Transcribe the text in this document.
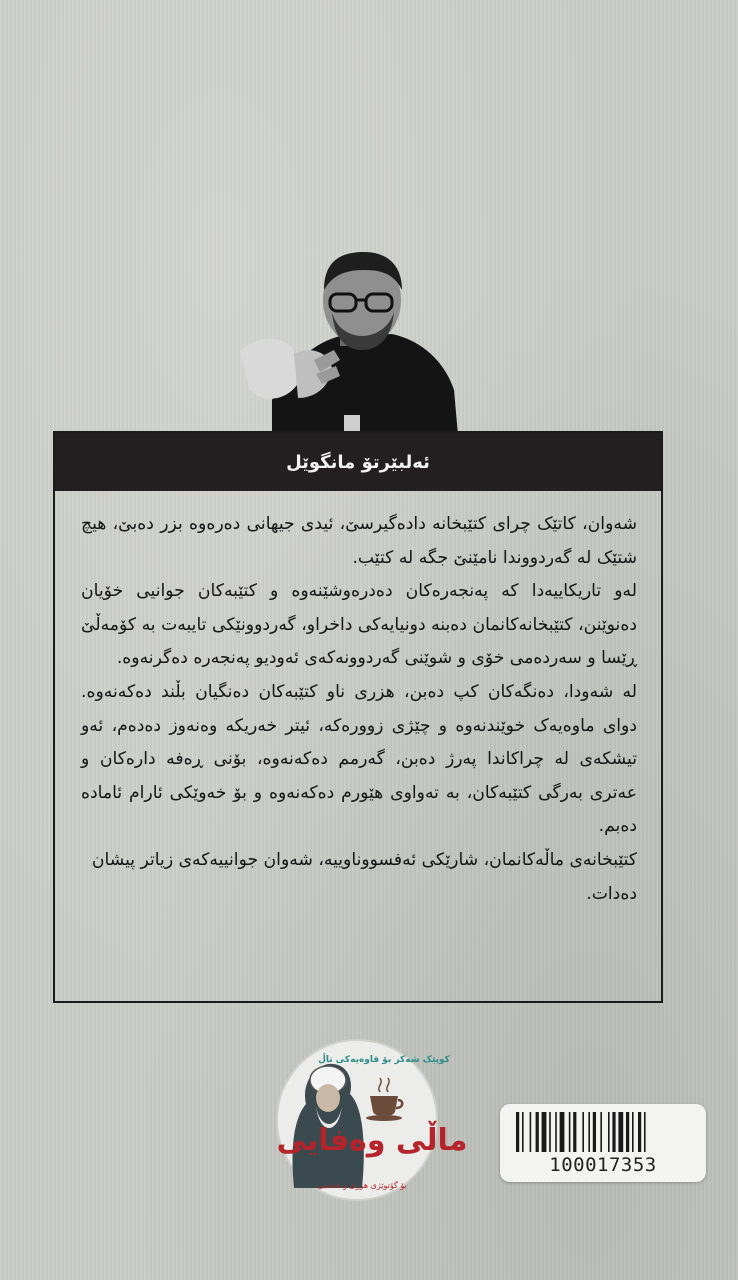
ئەلبێرتۆ مانگوێل

شەوان، کاتێک چرای کتێبخانە دادەگیرسێ، ئیدی جیهانی دەرەوە بزر دەبێ، هیچ شتێک لە گەردووندا نامێنێ جگە لە کتێب.

لەو تاریکاییەدا کە پەنجەرەکان دەدرەوشێنەوە و کتێبەکان جوانیی خۆیان دەنوێنن، کتێبخانەکانمان دەبنە دونیایەکی داخراو، گەردوونێکی تایبەت بە کۆمەڵێ ڕێسا و سەردەمی خۆی و شوێنی گەردوونەکەی ئەودیو پەنجەرە دەگرنەوە.

لە شەودا، دەنگەکان کپ دەبن، هزری ناو کتێبەکان دەنگیان بڵند دەکەنەوە. دوای ماوەیەک خوێندنەوە و چێژی زوورەکە، ئیتر خەریکە وەنەوز دەدەم، ئەو تیشکەی لە چراکاندا پەرژ دەبن، گەرمم دەکەنەوە، بۆنی ڕەفە دارەکان و عەتری بەرگی کتێبەکان، بە تەواوی هێورم دەکەنەوە و بۆ خەوێکی ئارام ئامادە دەبم.

کتێبخانەی ماڵەکانمان، شارێکی ئەفسووناوییە، شەوان جوانییەکەی زیاتر پیشان دەدات.

کوپێک شەکر بۆ قاوەیەکی تاڵ
ماڵی وەفایی
بۆ گۆتوێژی هزری و ئەدەبی
100017353
